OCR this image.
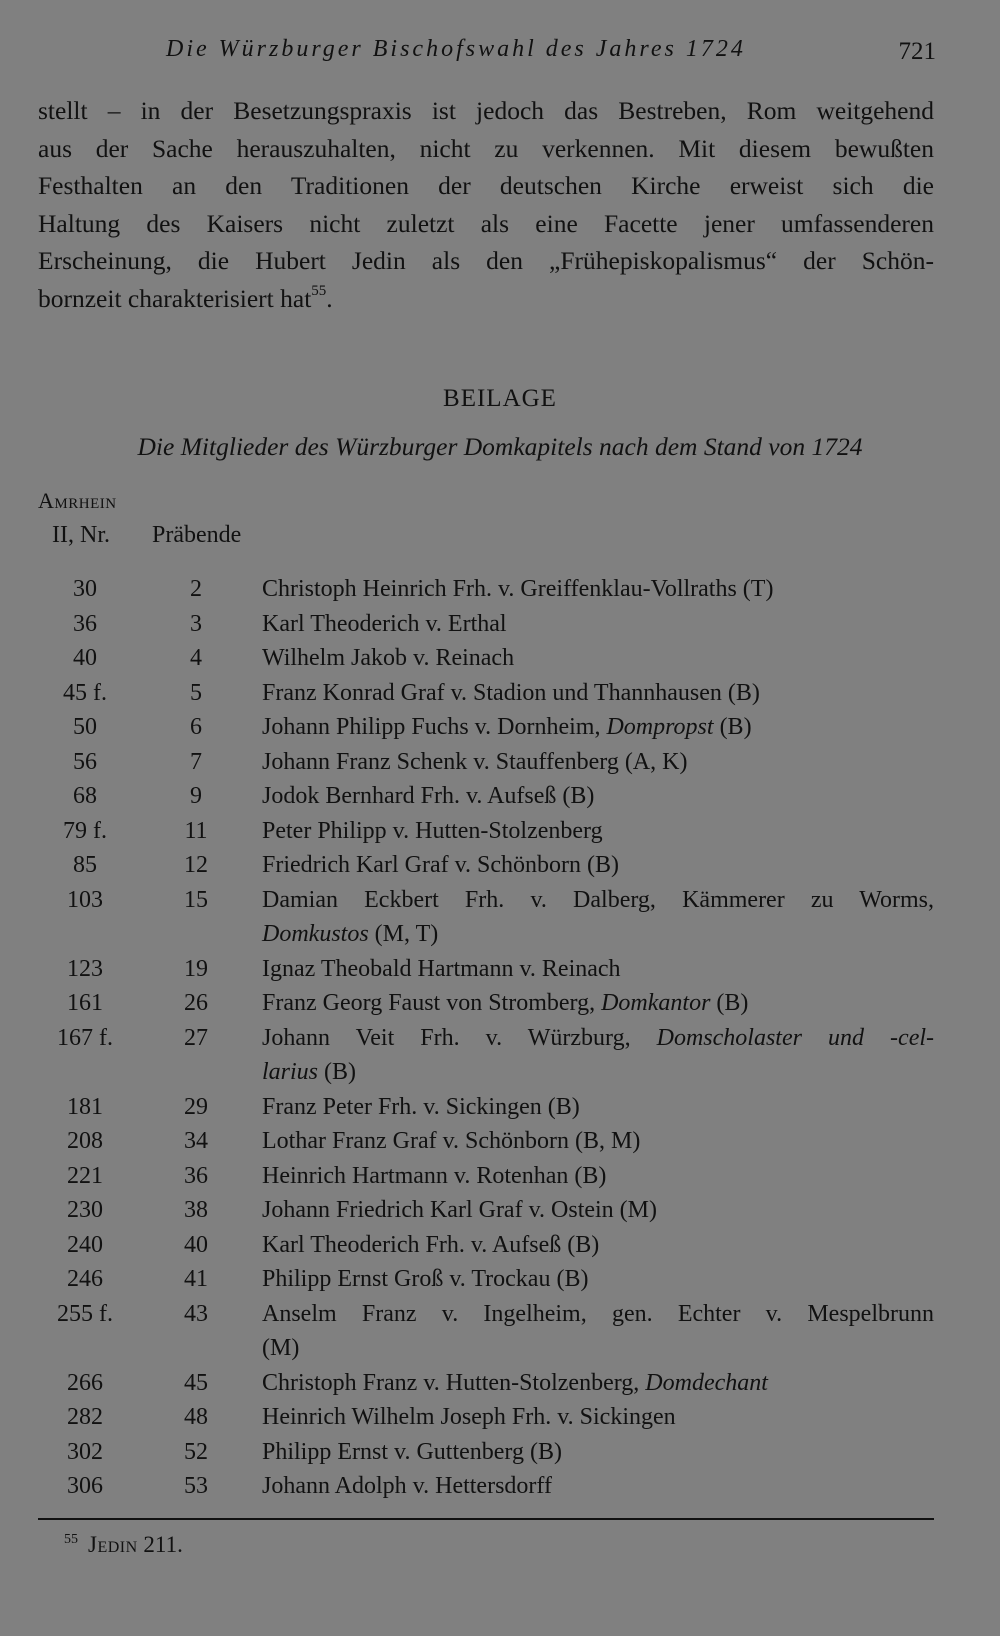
Die Würzburger Bischofswahl des Jahres 1724	721

stellt – in der Besetzungspraxis ist jedoch das Bestreben, Rom weitgehend
aus der Sache herauszuhalten, nicht zu verkennen. Mit diesem bewußten
Festhalten an den Traditionen der deutschen Kirche erweist sich die
Haltung des Kaisers nicht zuletzt als eine Facette jener umfassenderen
Erscheinung, die Hubert Jedin als den „Frühepiskopalismus“ der Schön-
bornzeit charakterisiert hat$^{55}$.

BEILAGE
Die Mitglieder des Würzburger Domkapitels nach dem Stand von 1724
Amrhein
II, Nr. Präbende
30	2	Christoph Heinrich Frh. v. Greiffenklau-Vollraths (T)
36	3	Karl Theoderich v. Erthal
40	4	Wilhelm Jakob v. Reinach
45 f.	5	Franz Konrad Graf v. Stadion und Thannhausen (B)
50	6	Johann Philipp Fuchs v. Dornheim, Dompropst (B)
56	7	Johann Franz Schenk v. Stauffenberg (A, K)
68	9	Jodok Bernhard Frh. v. Aufseß (B)
79 f.	11	Peter Philipp v. Hutten-Stolzenberg
85	12	Friedrich Karl Graf v. Schönborn (B)
103	15	Damian Eckbert Frh. v. Dalberg, Kämmerer zu Worms,
Domkustos (M, T)
123	19	Ignaz Theobald Hartmann v. Reinach
161	26	Franz Georg Faust von Stromberg, Domkantor (B)
167 f.	27	Johann Veit Frh. v. Würzburg, Domscholaster und -cel-
larius (B)
181	29	Franz Peter Frh. v. Sickingen (B)
208	34	Lothar Franz Graf v. Schönborn (B, M)
221	36	Heinrich Hartmann v. Rotenhan (B)
230	38	Johann Friedrich Karl Graf v. Ostein (M)
240	40	Karl Theoderich Frh. v. Aufseß (B)
246	41	Philipp Ernst Groß v. Trockau (B)
255 f.	43	Anselm Franz v. Ingelheim, gen. Echter v. Mespelbrunn
(M)
266	45	Christoph Franz v. Hutten-Stolzenberg, Domdechant
282	48	Heinrich Wilhelm Joseph Frh. v. Sickingen
302	52	Philipp Ernst v. Guttenberg (B)
306	53	Johann Adolph v. Hettersdorff
$^{55}$ Jedin 211.
